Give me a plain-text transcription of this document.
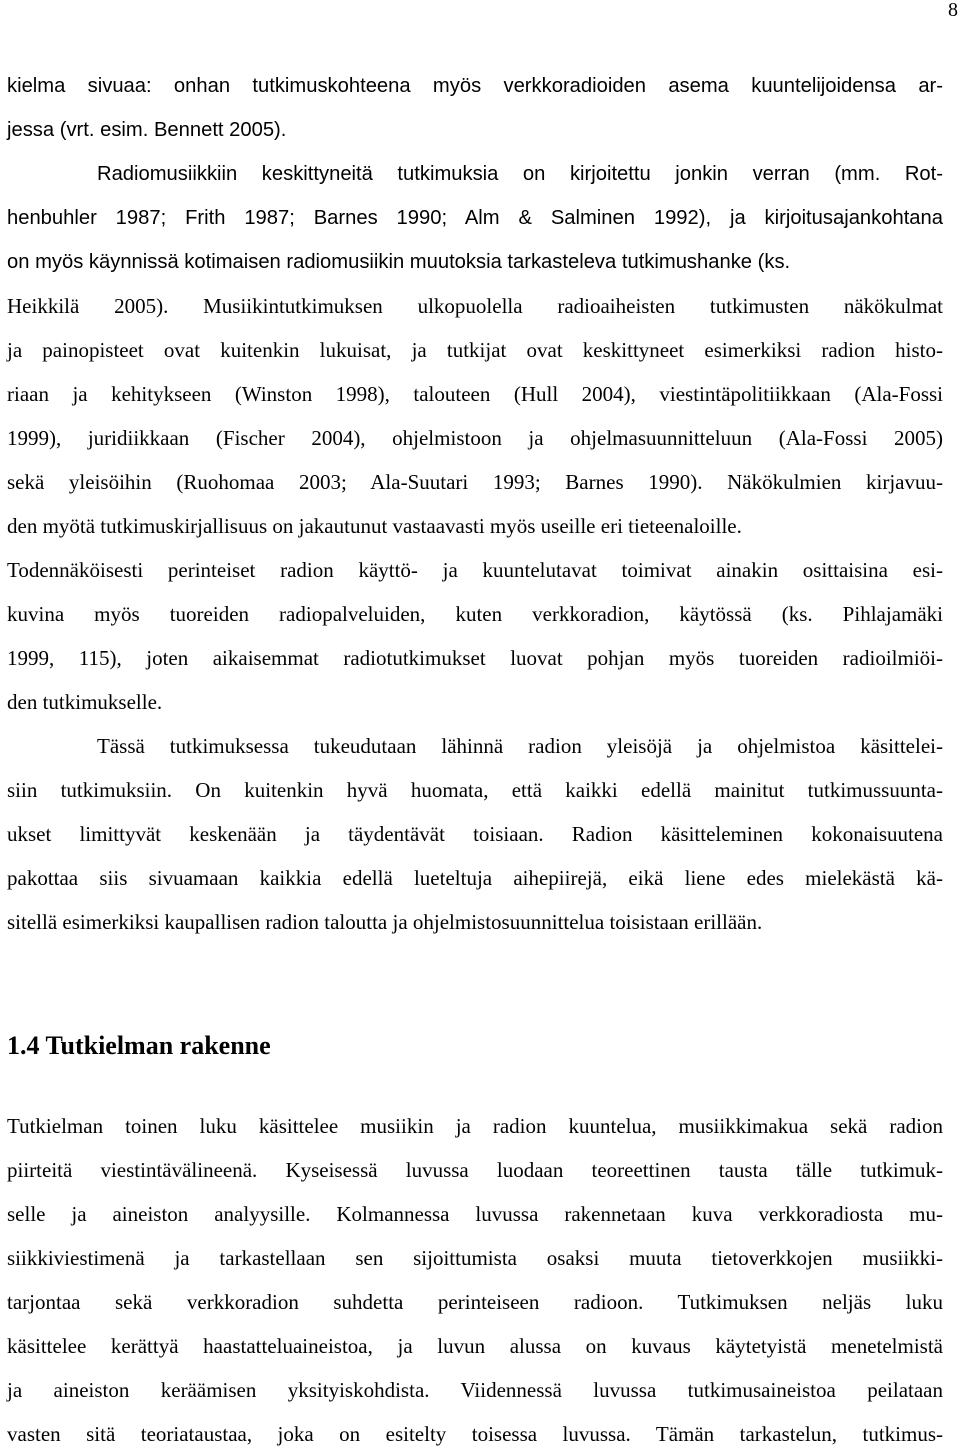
8
kielma sivuaa: onhan tutkimuskohteena myös verkkoradioiden asema kuuntelijoidensa ar-
jessa (vrt. esim. Bennett 2005).
Radiomusiikkiin keskittyneitä tutkimuksia on kirjoitettu jonkin verran (mm. Rot-
henbuhler 1987; Frith 1987; Barnes 1990; Alm & Salminen 1992), ja kirjoitusajankohtana
on myös käynnissä kotimaisen radiomusiikin muutoksia tarkasteleva tutkimushanke (ks.
Heikkilä 2005). Musiikintutkimuksen ulkopuolella radioaiheisten tutkimusten näkökulmat
ja painopisteet ovat kuitenkin lukuisat, ja tutkijat ovat keskittyneet esimerkiksi radion histo-
riaan ja kehitykseen (Winston 1998), talouteen (Hull 2004), viestintäpolitiikkaan (Ala-Fossi
1999), juridiikkaan (Fischer 2004), ohjelmistoon ja ohjelmasuunnitteluun (Ala-Fossi 2005)
sekä yleisöihin (Ruohomaa 2003; Ala-Suutari 1993; Barnes 1990). Näkökulmien kirjavuu-
den myötä tutkimuskirjallisuus on jakautunut vastaavasti myös useille eri tieteenaloille.
Todennäköisesti perinteiset radion käyttö- ja kuuntelutavat toimivat ainakin osittaisina esi-
kuvina myös tuoreiden radiopalveluiden, kuten verkkoradion, käytössä (ks. Pihlajamäki
1999, 115), joten aikaisemmat radiotutkimukset luovat pohjan myös tuoreiden radioilmiöi-
den tutkimukselle.
Tässä tutkimuksessa tukeudutaan lähinnä radion yleisöjä ja ohjelmistoa käsittelei-
siin tutkimuksiin. On kuitenkin hyvä huomata, että kaikki edellä mainitut tutkimussuunta-
ukset limittyvät keskenään ja täydentävät toisiaan. Radion käsitteleminen kokonaisuutena
pakottaa siis sivuamaan kaikkia edellä lueteltuja aihepiirejä, eikä liene edes mielekästä kä-
sitellä esimerkiksi kaupallisen radion taloutta ja ohjelmistosuunnittelua toisistaan erillään.
1.4 Tutkielman rakenne
Tutkielman toinen luku käsittelee musiikin ja radion kuuntelua, musiikkimakua sekä radion
piirteitä viestintävälineenä. Kyseisessä luvussa luodaan teoreettinen tausta tälle tutkimuk-
selle ja aineiston analyysille. Kolmannessa luvussa rakennetaan kuva verkkoradiosta mu-
siikkiviestimenä ja tarkastellaan sen sijoittumista osaksi muuta tietoverkkojen musiikki-
tarjontaa sekä verkkoradion suhdetta perinteiseen radioon. Tutkimuksen neljäs luku
käsittelee kerättyä haastatteluaineistoa, ja luvun alussa on kuvaus käytetyistä menetelmistä
ja aineiston keräämisen yksityiskohdista. Viidennessä luvussa tutkimusaineistoa peilataan
vasten sitä teoriataustaa, joka on esitelty toisessa luvussa. Tämän tarkastelun, tutkimus-
